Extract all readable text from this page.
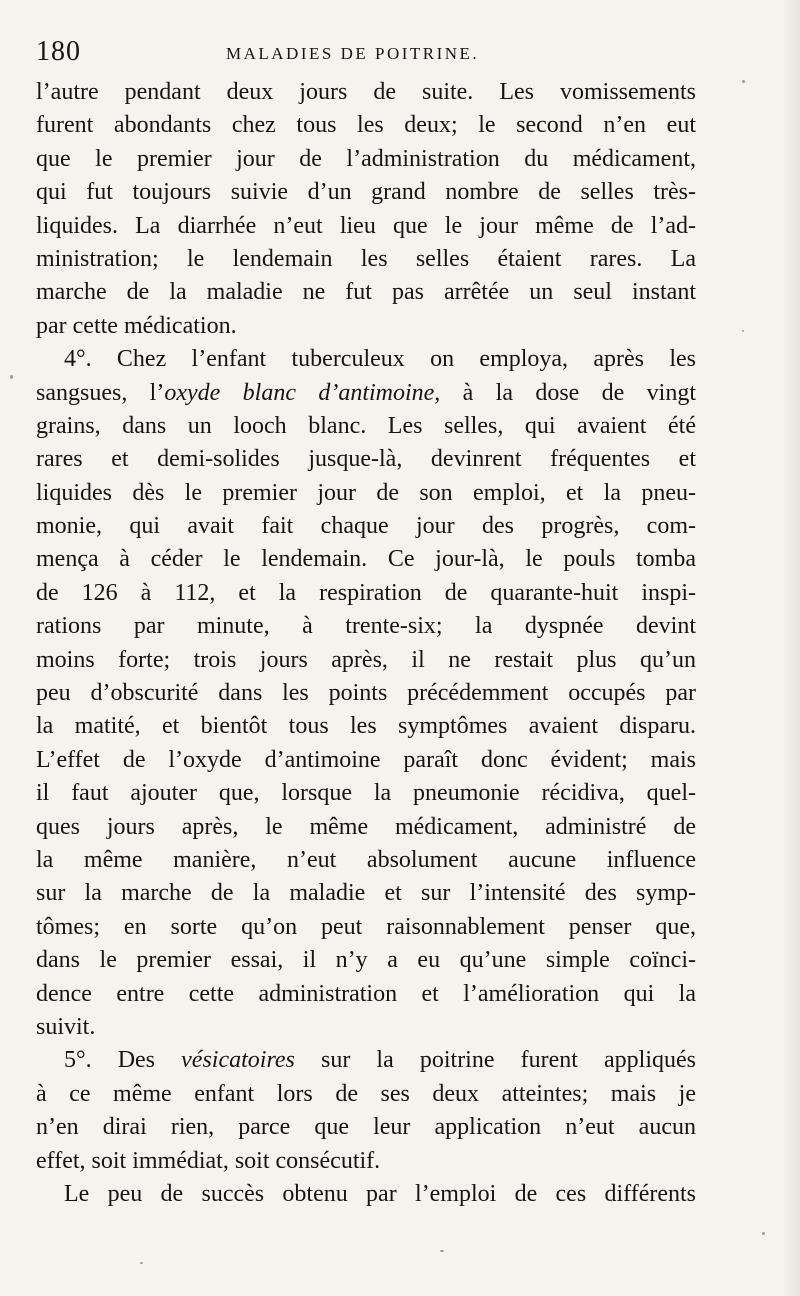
180	MALADIES DE POITRINE.
l’autre pendant deux jours de suite. Les vomissements
furent abondants chez tous les deux; le second n’en eut
que le premier jour de l’administration du médicament,
qui fut toujours suivie d’un grand nombre de selles très-
liquides. La diarrhée n’eut lieu que le jour même de l’ad-
ministration; le lendemain les selles étaient rares. La
marche de la maladie ne fut pas arrêtée un seul instant
par cette médication.
4°. Chez l’enfant tuberculeux on employa, après les
sangsues, l’oxyde blanc d’antimoine, à la dose de vingt
grains, dans un looch blanc. Les selles, qui avaient été
rares et demi-solides jusque-là, devinrent fréquentes et
liquides dès le premier jour de son emploi, et la pneu-
monie, qui avait fait chaque jour des progrès, com-
mença à céder le lendemain. Ce jour-là, le pouls tomba
de 126 à 112, et la respiration de quarante-huit inspi-
rations par minute, à trente-six; la dyspnée devint
moins forte; trois jours après, il ne restait plus qu’un
peu d’obscurité dans les points précédemment occupés par
la matité, et bientôt tous les symptômes avaient disparu.
L’effet de l’oxyde d’antimoine paraît donc évident; mais
il faut ajouter que, lorsque la pneumonie récidiva, quel-
ques jours après, le même médicament, administré de
la même manière, n’eut absolument aucune influence
sur la marche de la maladie et sur l’intensité des symp-
tômes; en sorte qu’on peut raisonnablement penser que,
dans le premier essai, il n’y a eu qu’une simple coïnci-
dence entre cette administration et l’amélioration qui la
suivit.
5°. Des vésicatoires sur la poitrine furent appliqués
à ce même enfant lors de ses deux atteintes; mais je
n’en dirai rien, parce que leur application n’eut aucun
effet, soit immédiat, soit consécutif.
Le peu de succès obtenu par l’emploi de ces différents
